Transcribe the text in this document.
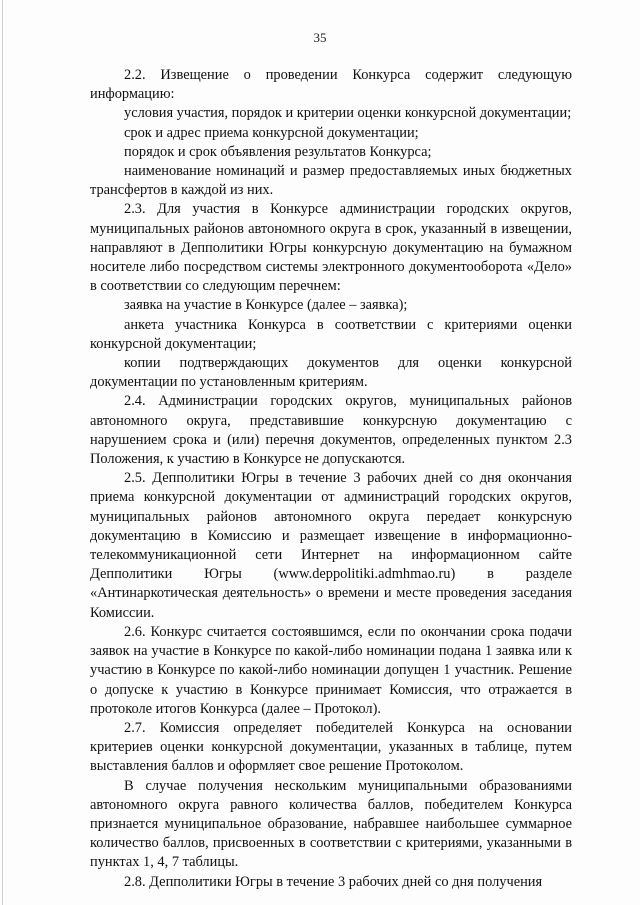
35

2.2. Извещение о проведении Конкурса содержит следующую информацию:

условия участия, порядок и критерии оценки конкурсной документации;

срок и адрес приема конкурсной документации;

порядок и срок объявления результатов Конкурса;

наименование номинаций и размер предоставляемых иных бюджетных трансфертов в каждой из них.

2.3. Для участия в Конкурсе администрации городских округов, муниципальных районов автономного округа в срок, указанный в извещении, направляют в Депполитики Югры конкурсную документацию на бумажном носителе либо посредством системы электронного документооборота «Дело» в соответствии со следующим перечнем:

заявка на участие в Конкурсе (далее – заявка);

анкета участника Конкурса в соответствии с критериями оценки конкурсной документации;

копии подтверждающих документов для оценки конкурсной документации по установленным критериям.

2.4. Администрации городских округов, муниципальных районов автономного округа, представившие конкурсную документацию с нарушением срока и (или) перечня документов, определенных пунктом 2.3 Положения, к участию в Конкурсе не допускаются.

2.5. Депполитики Югры в течение 3 рабочих дней со дня окончания приема конкурсной документации от администраций городских округов, муниципальных районов автономного округа передает конкурсную документацию в Комиссию и размещает извещение в информационно-телекоммуникационной сети Интернет на информационном сайте Депполитики Югры (www.deppolitiki.admhmao.ru) в разделе «Антинаркотическая деятельность» о времени и месте проведения заседания Комиссии.

2.6. Конкурс считается состоявшимся, если по окончании срока подачи заявок на участие в Конкурсе по какой-либо номинации подана 1 заявка или к участию в Конкурсе по какой-либо номинации допущен 1 участник. Решение о допуске к участию в Конкурсе принимает Комиссия, что отражается в протоколе итогов Конкурса (далее – Протокол).

2.7. Комиссия определяет победителей Конкурса на основании критериев оценки конкурсной документации, указанных в таблице, путем выставления баллов и оформляет свое решение Протоколом.

В случае получения нескольким муниципальными образованиями автономного округа равного количества баллов, победителем Конкурса признается муниципальное образование, набравшее наибольшее суммарное количество баллов, присвоенных в соответствии с критериями, указанными в пунктах 1, 4, 7 таблицы.

2.8. Депполитики Югры в течение 3 рабочих дней со дня получения
